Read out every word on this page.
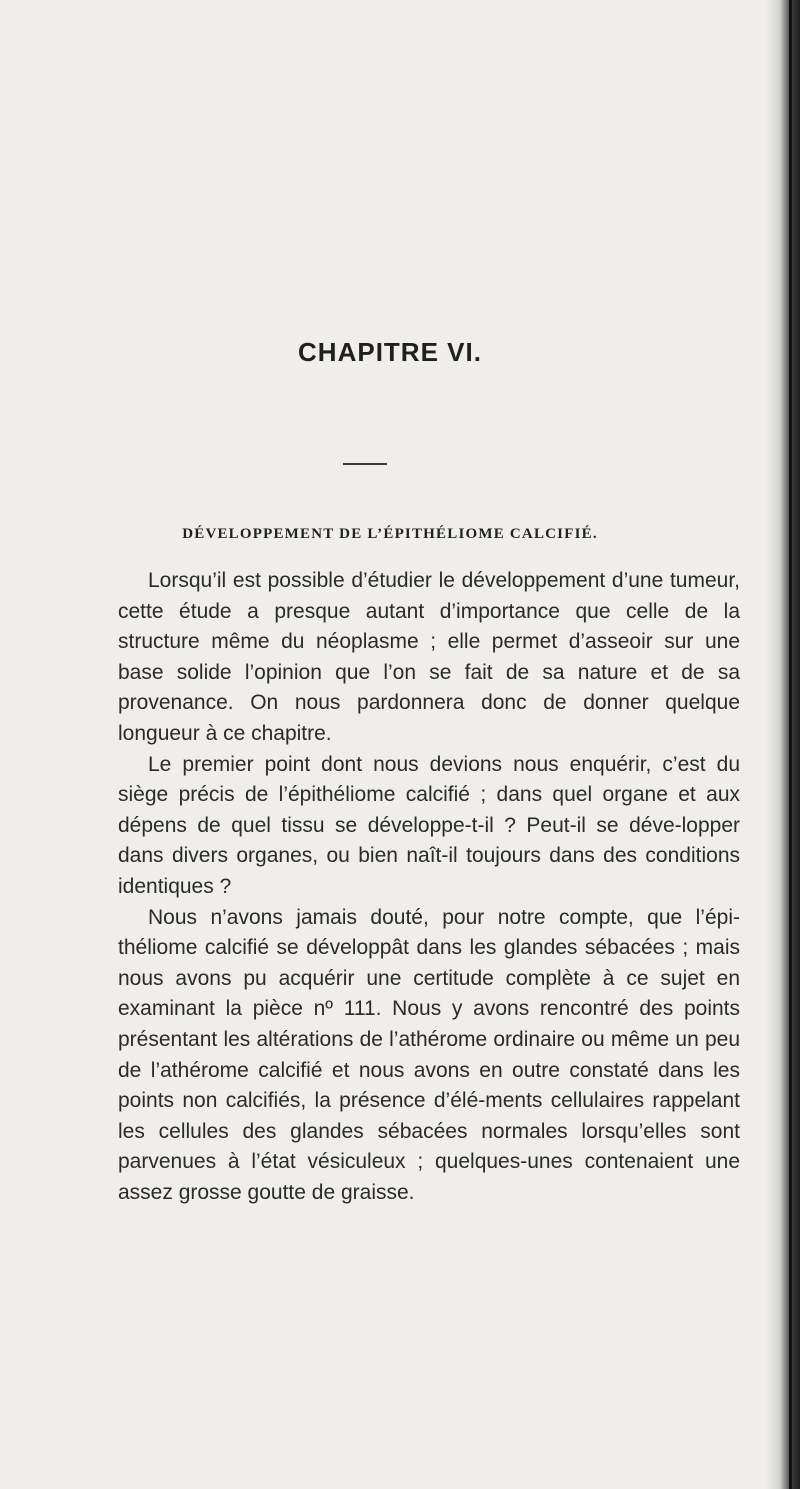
CHAPITRE VI.
DÉVELOPPEMENT DE L’ÉPITHÉLIOME CALCIFIÉ.

Lorsqu’il est possible d’étudier le développement d’une tumeur, cette étude a presque autant d’importance que celle de la structure même du néoplasme ; elle permet d’asseoir sur une base solide l’opinion que l’on se fait de sa nature et de sa provenance. On nous pardonnera donc de donner quelque longueur à ce chapitre.

Le premier point dont nous devions nous enquérir, c’est du siège précis de l’épithéliome calcifié ; dans quel organe et aux dépens de quel tissu se développe-t-il ? Peut-il se déve-lopper dans divers organes, ou bien naît-il toujours dans des conditions identiques ?

Nous n’avons jamais douté, pour notre compte, que l’épi-théliome calcifié se développât dans les glandes sébacées ; mais nous avons pu acquérir une certitude complète à ce sujet en examinant la pièce nº 111. Nous y avons rencontré des points présentant les altérations de l’athérome ordinaire ou même un peu de l’athérome calcifié et nous avons en outre constaté dans les points non calcifiés, la présence d’élé-ments cellulaires rappelant les cellules des glandes sébacées normales lorsqu’elles sont parvenues à l’état vésiculeux ; quelques-unes contenaient une assez grosse goutte de graisse.
